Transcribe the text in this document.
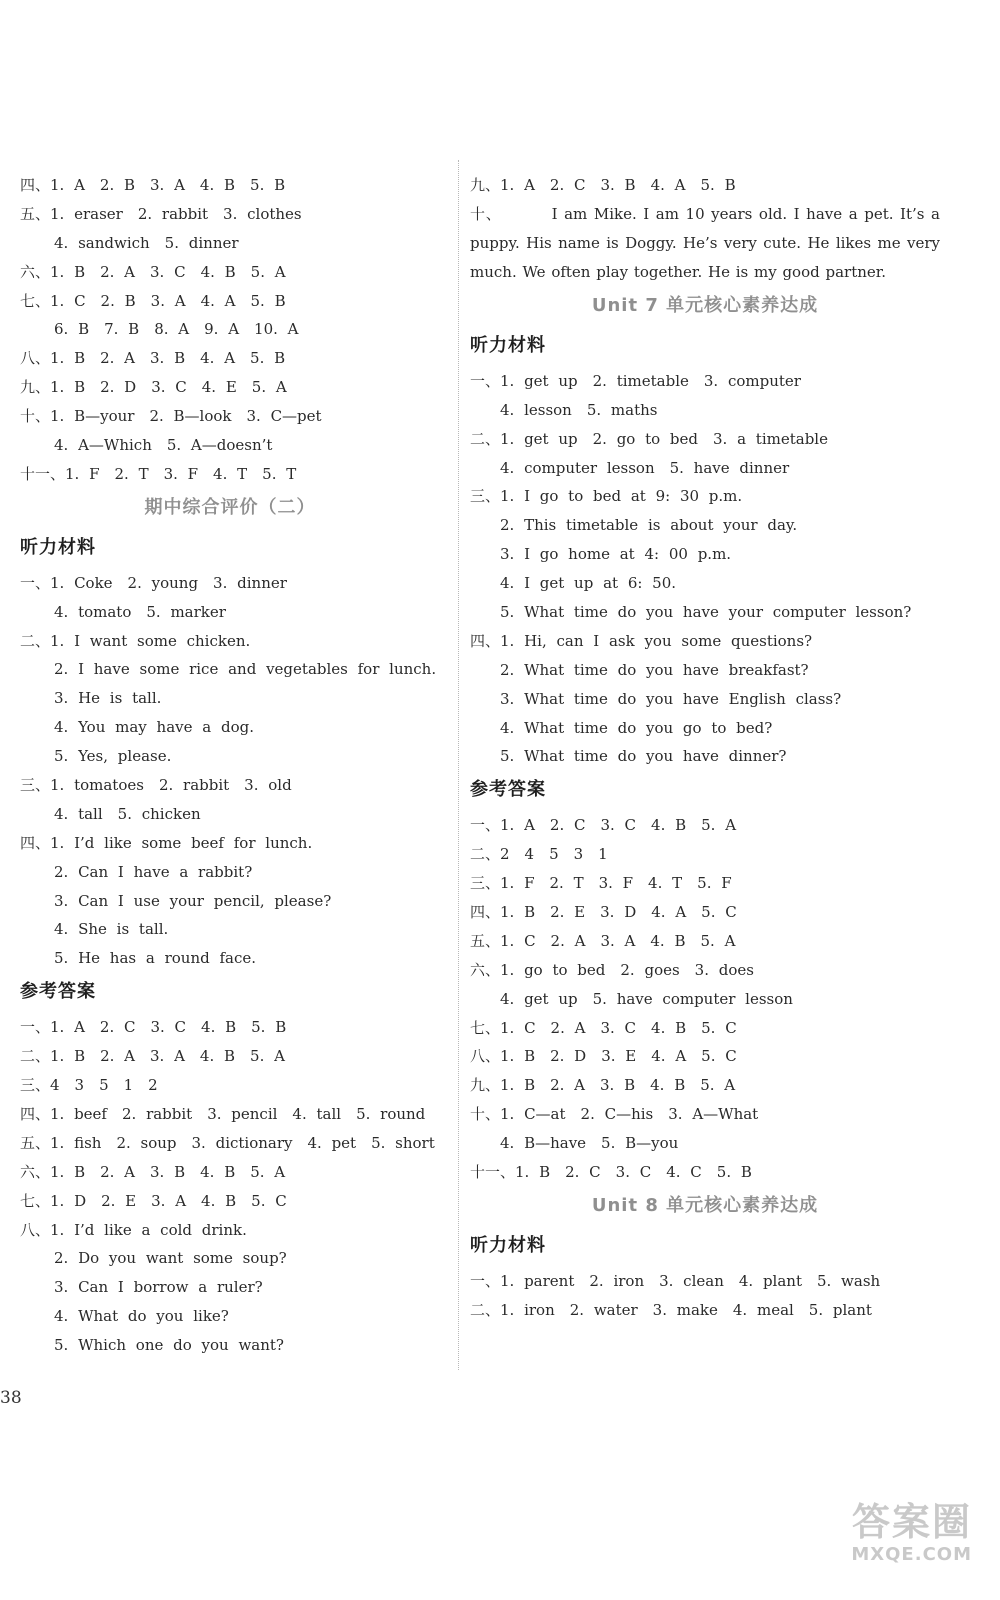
四、1. A　2. B　3. A　4. B　5. B
五、1. eraser　2. rabbit　3. clothes
4. sandwich　5. dinner
六、1. B　2. A　3. C　4. B　5. A
七、1. C　2. B　3. A　4. A　5. B
6. B　7. B　8. A　9. A　10. A
八、1. B　2. A　3. B　4. A　5. B
九、1. B　2. D　3. C　4. E　5. A
十、1. B—your　2. B—look　3. C—pet
4. A—Which　5. A—doesn’t
十一、1. F　2. T　3. F　4. T　5. T
期中综合评价（二）
听力材料
一、1. Coke　2. young　3. dinner
4. tomato　5. marker
二、1. I want some chicken.
2. I have some rice and vegetables for lunch.
3. He is tall.
4. You may have a dog.
5. Yes, please.
三、1. tomatoes　2. rabbit　3. old
4. tall　5. chicken
四、1. I’d like some beef for lunch.
2. Can I have a rabbit?
3. Can I use your pencil, please?
4. She is tall.
5. He has a round face.
参考答案
一、1. A　2. C　3. C　4. B　5. B
二、1. B　2. A　3. A　4. B　5. A
三、4　3　5　1　2
四、1. beef　2. rabbit　3. pencil　4. tall　5. round
五、1. fish　2. soup　3. dictionary　4. pet　5. short
六、1. B　2. A　3. B　4. B　5. A
七、1. D　2. E　3. A　4. B　5. C
八、1. I’d like a cold drink.
2. Do you want some soup?
3. Can I borrow a ruler?
4. What do you like?
5. Which one do you want?
九、1. A　2. C　3. B　4. A　5. B
十、	I am Mike. I am 10 years old. I have a pet. It’s a puppy. His name is Doggy. He’s very cute. He likes me very much. We often play together. He is my good partner.
Unit 7 单元核心素养达成
听力材料
一、1. get up　2. timetable　3. computer
4. lesson　5. maths
二、1. get up　2. go to bed　3. a timetable
4. computer lesson　5. have dinner
三、1. I go to bed at 9: 30 p.m.
2. This timetable is about your day.
3. I go home at 4: 00 p.m.
4. I get up at 6: 50.
5. What time do you have your computer lesson?
四、1. Hi, can I ask you some questions?
2. What time do you have breakfast?
3. What time do you have English class?
4. What time do you go to bed?
5. What time do you have dinner?
参考答案
一、1. A　2. C　3. C　4. B　5. A
二、2　4　5　3　1
三、1. F　2. T　3. F　4. T　5. F
四、1. B　2. E　3. D　4. A　5. C
五、1. C　2. A　3. A　4. B　5. A
六、1. go to bed　2. goes　3. does
4. get up　5. have computer lesson
七、1. C　2. A　3. C　4. B　5. C
八、1. B　2. D　3. E　4. A　5. C
九、1. B　2. A　3. B　4. B　5. A
十、1. C—at　2. C—his　3. A—What
4. B—have　5. B—you
十一、1. B　2. C　3. C　4. C　5. B
Unit 8 单元核心素养达成
听力材料
一、1. parent　2. iron　3. clean　4. plant　5. wash
二、1. iron　2. water　3. make　4. meal　5. plant
38
答案圈
MXQE.COM
